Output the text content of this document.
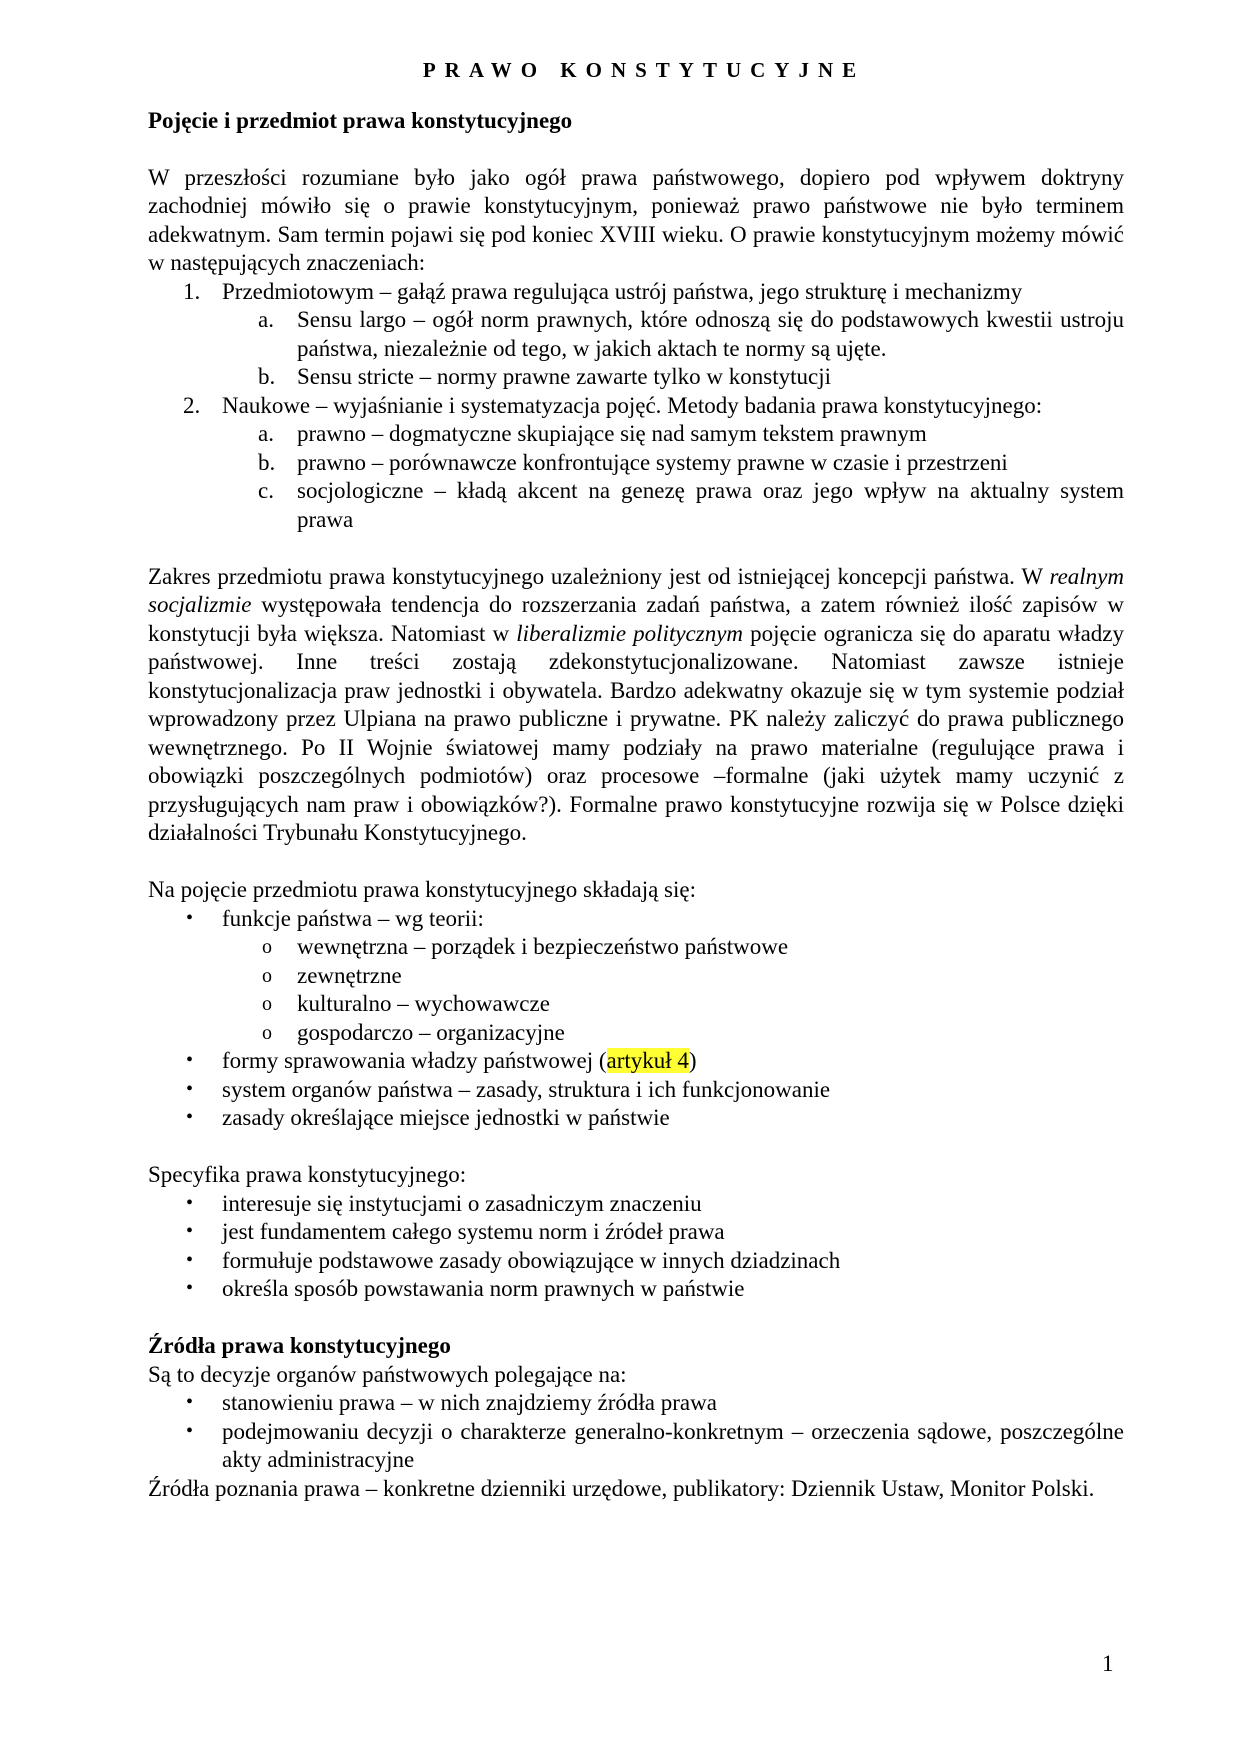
PRAWO KONSTYTUCYJNE
Pojęcie i przedmiot prawa konstytucyjnego

W przeszłości rozumiane było jako ogół prawa państwowego, dopiero pod wpływem doktryny zachodniej mówiło się o prawie konstytucyjnym, ponieważ prawo państwowe nie było terminem adekwatnym. Sam termin pojawi się pod koniec XVIII wieku. O prawie konstytucyjnym możemy mówić w następujących znaczeniach:

1. Przedmiotowym – gałąź prawa regulująca ustrój państwa, jego strukturę i mechanizmy
a. Sensu largo – ogół norm prawnych, które odnoszą się do podstawowych kwestii ustroju państwa, niezależnie od tego, w jakich aktach te normy są ujęte.
b. Sensu stricte – normy prawne zawarte tylko w konstytucji
2. Naukowe – wyjaśnianie i systematyzacja pojęć. Metody badania prawa konstytucyjnego:
a. prawno – dogmatyczne skupiające się nad samym tekstem prawnym
b. prawno – porównawcze konfrontujące systemy prawne w czasie i przestrzeni
c. socjologiczne – kładą akcent na genezę prawa oraz jego wpływ na aktualny system prawa

Zakres przedmiotu prawa konstytucyjnego uzależniony jest od istniejącej koncepcji państwa. W realnym socjalizmie występowała tendencja do rozszerzania zadań państwa, a zatem również ilość zapisów w konstytucji była większa. Natomiast w liberalizmie politycznym pojęcie ogranicza się do aparatu władzy państwowej. Inne treści zostają zdekonstytucjonalizowane. Natomiast zawsze istnieje konstytucjonalizacja praw jednostki i obywatela. Bardzo adekwatny okazuje się w tym systemie podział wprowadzony przez Ulpiana na prawo publiczne i prywatne. PK należy zaliczyć do prawa publicznego wewnętrznego. Po II Wojnie światowej mamy podziały na prawo materialne (regulujące prawa i obowiązki poszczególnych podmiotów) oraz procesowe –formalne (jaki użytek mamy uczynić z przysługujących nam praw i obowiązków?). Formalne prawo konstytucyjne rozwija się w Polsce dzięki działalności Trybunału Konstytucyjnego.

Na pojęcie przedmiotu prawa konstytucyjnego składają się:

• funkcje państwa – wg teorii:
o wewnętrzna – porządek i bezpieczeństwo państwowe
o zewnętrzne
o kulturalno – wychowawcze
o gospodarczo – organizacyjne
• formy sprawowania władzy państwowej (artykuł 4)
• system organów państwa – zasady, struktura i ich funkcjonowanie
• zasady określające miejsce jednostki w państwie

Specyfika prawa konstytucyjnego:

• interesuje się instytucjami o zasadniczym znaczeniu
• jest fundamentem całego systemu norm i źródeł prawa
• formułuje podstawowe zasady obowiązujące w innych dziadzinach
• określa sposób powstawania norm prawnych w państwie
Źródła prawa konstytucyjnego

Są to decyzje organów państwowych polegające na:

• stanowieniu prawa – w nich znajdziemy źródła prawa
• podejmowaniu decyzji o charakterze generalno-konkretnym – orzeczenia sądowe, poszczególne akty administracyjne

Źródła poznania prawa – konkretne dzienniki urzędowe, publikatory: Dziennik Ustaw, Monitor Polski.

1
